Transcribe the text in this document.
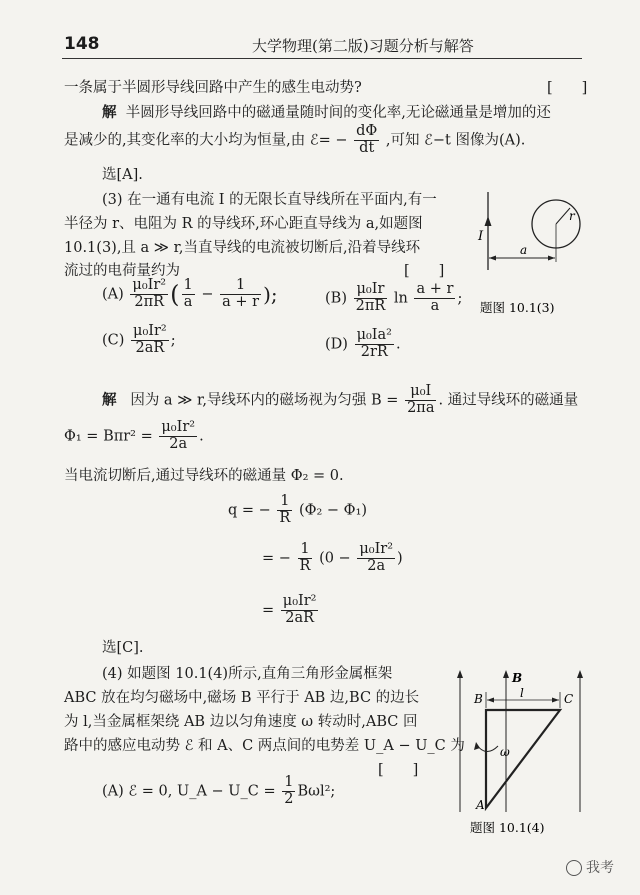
148	大学物理(第二版)习题分析与解答
一条属于半圆形导线回路中产生的感生电动势?	[　　]
解 半圆形导线回路中的磁通量随时间的变化率,无论磁通量是增加的还
是减少的,其变化率的大小均为恒量,由 ℰ= − $\frac{d\Phi}{dt}$ ,可知 ℰ−t 图像为(A).
选[A].
(3) 在一通有电流 I 的无限长直导线所在平面内,有一
半径为 r、电阻为 R 的导线环,环心距直导线为 a,如题图
10.1(3),且 a ≫ r,当直导线的电流被切断后,沿着导线环
流过的电荷量约为	[　　]
$(A) \frac{\text{μ₀Ir²}}{2\pi R}$ ( $\frac{1}{a} - \frac{1}{a + r}$ );	$(B) \frac{\text{μ₀Ir}}{2\pi R}$ $\ln \frac{a + r}{a}$ ;
$(C) \frac{\text{μ₀Ir²}}{2aR}$ ;	$(D) \frac{\text{μ₀Ia²}}{2rR}$ .
I
r
a
题图 10.1(3)
解 因为 a ≫ r,导线环内的磁场视为匀强 $B = \frac{\text{μ₀I}}{2\pi a}$ . 通过导线环的磁通量
$\Phi_1 = B\pi r^2 = \frac{\text{μ₀Ir²}}{2a}$ .
当电流切断后,通过导线环的磁通量 Φ₂ = 0.
q = − $\frac{1}{R} (\Phi_2 - \Phi_1)$
= − $\frac{1}{R} (0 - \frac{\text{μ₀Ir²}}{2a}$ )
= $\frac{\text{μ₀Ir²}}{2aR}$
选[C].
(4) 如题图 10.1(4)所示,直角三角形金属框架
ABC 放在均匀磁场中,磁场 B 平行于 AB 边,BC 的边长
为 l,当金属框架绕 AB 边以匀角速度 ω 转动时,ABC 回
路中的感应电动势 ℰ 和 A、C 两点间的电势差 U_A − U_C 为
[　　]
(A) ℰ = 0, U_A − U_C = $\frac{1}{2} B\omega l^2$;
B
B	l	C
A
ω
题图 10.1(4)
我考
